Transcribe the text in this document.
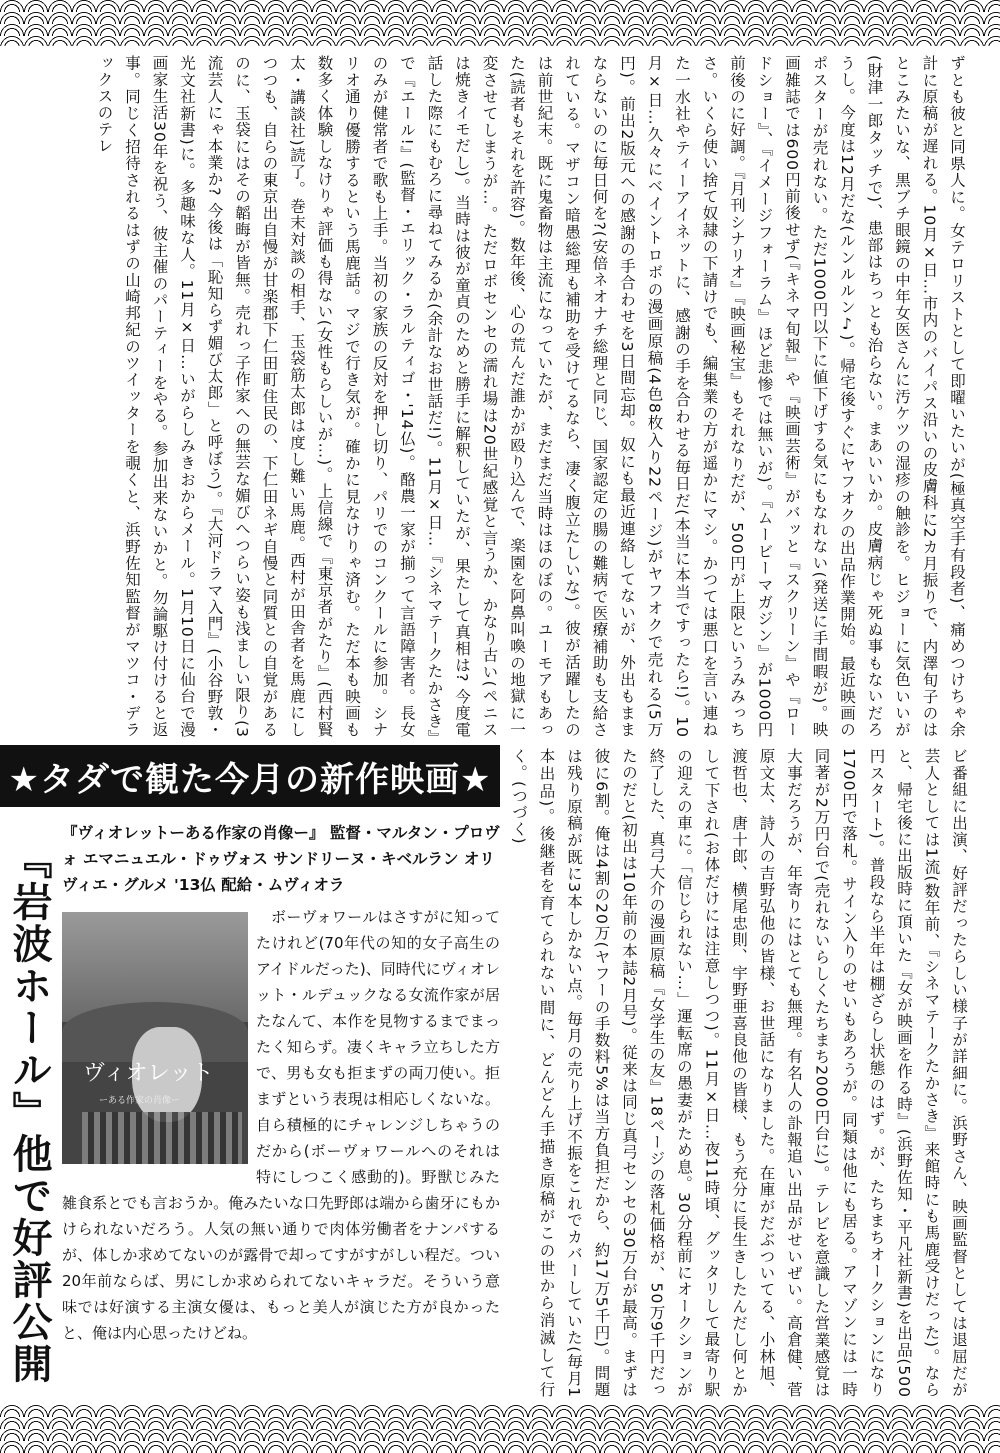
ずとも彼と同県人に。女テロリストとして即曜いたいが(極真空手有段者)、痛めつけちゃ余計に原稿が遅れる。10月×日…市内のバイパス沿いの皮膚科に2カ月振りで、内澤旬子のはとこみたいな、黒ブチ眼鏡の中年女医さんに汚ケツの湿疹の触診を。ヒジョーに気色いいが(財津一郎タッチで)、患部はちっとも治らない。まあいいか。皮膚病じゃ死ぬ事もないだろうし。今度は12月だな(ルンルルン♪)。帰宅後すぐにヤフオクの出品作業開始。最近映画のポスターが売れない。ただ1000円以下に値下げする気にもなれない(発送に手間暇が)。映画雑誌では600円前後せず(『キネマ旬報』や『映画芸術』がバッと『スクリーン』や『ロードショー』、『イメージフォーラム』ほど悲惨では無いが)。『ムービーマガジン』が1000円前後のに好調。『月刊シナリオ』『映画秘宝』もそれなりだが、500円が上限というみみっちさ。いくら使い捨て奴隷の下請けでも、編集業の方が遥かにマシ。かつては悪口を言い連ねた一水社やティーアイネットに、感謝の手を合わせる毎日だ(本当に本当ですったら!)。10月×日…久々にベイントロボの漫画原稿(4色8枚入り22ページ)がヤフオクで売れる(5万円)。前出2版元への感謝の手合わせを3日間忘却。奴にも最近連絡してないが、外出もままならないのに毎日何を?(安倍ネオナチ総理と同じ、国家認定の腸の難病で医療補助も支給されている。マザコン暗愚総理も補助を受けてるなら、凄く腹立たしいな)。彼が活躍したのは前世紀末。既に鬼畜物は主流になっていたが、まだまだ当時はほのぼの。ユーモアもあった(読者もそれを許容)。数年後、心の荒んだ誰かが殴り込んで、楽園を阿鼻叫喚の地獄に一変させてしまうが…。ただロボセンセの濡れ場は20世紀感覚と言うか、かなり古い(ペニスは焼きイモだし)。当時は彼が童貞のためと勝手に解釈していたが、果たして真相は? 今度電話した際にもむろに尋ねてみるか(余計なお世話だ!)。11月×日…『シネマテークたかさき』で『エール!』(監督・エリック・ラルティゴ・'14仏)。酪農一家が揃って言語障害者。長女のみが健常者で歌も上手。当初の家族の反対を押し切り、パリでのコンクールに参加。シナリオ通り優勝するという馬鹿話。マジで行き気が。確かに見なけりゃ済む。ただ本も映画も数多く体験しなけりゃ評価も得ない(女性もらしいが…)。上信線で『東京者がたり』(西村賢太・講談社)読了。巻末対談の相手、玉袋筋太郎は度し難い馬鹿。西村が田舎者を馬鹿にしつつも、自らの東京出自慢が甘楽郡下仁田町住民の、下仁田ネギ自慢と同質との自覚があるのに、玉袋にはその韜晦が皆無。売れっ子作家への無芸な媚びへつらい姿も浅ましい限り(3流芸人にゃ本業か? 今後は「恥知らず媚び太郎」と呼ぼう)。『大河ドラマ入門』(小谷野敦・光文社新書)に。多趣味な人。11月×日…いがらしみきおからメール。1月10日に仙台で漫画家生活30年を祝う、彼主催のパーティーをやる。参加出来ないかと。勿論駆け付けると返事。同じく招待されるはずの山崎邦紀のツイッターを覗くと、浜野佐知監督がマツコ・デラックスのテレ
★タダで観た今月の新作映画★
『岩波ホール』他で好評公開
『ヴィオレットーある作家の肖像ー』 監督・マルタン・プロヴォ エマニュエル・ドゥヴォス サンドリーヌ・キベルラン オリヴィエ・グルメ '13仏 配給・ムヴィオラ
ヴィオレット
ーある作家の肖像ー
ボーヴォワールはさすがに知ってたけれど(70年代の知的女子高生のアイドルだった)、同時代にヴィオレット・ルデュックなる女流作家が居たなんて、本作を見物するまでまったく知らず。凄くキャラ立ちした方で、男も女も拒まずの両刀使い。拒まずという表現は相応しくないな。自ら積極的にチャレンジしちゃうのだから(ボーヴォワールへのそれは特にしつこく感動的)。野獣じみた雑食系とでも言おうか。俺みたいな口先野郎は端から歯牙にもかけられないだろう。人気の無い通りで肉体労働者をナンパするが、体しか求めてないのが露骨で却ってすがすがしい程だ。つい20年前ならば、男にしか求められてないキャラだ。そういう意味では好演する主演女優は、もっと美人が演じた方が良かったと、俺は内心思ったけどね。	ビ番組に出演、好評だったらしい様子が詳細に。浜野さん、映画監督としては退屈だが芸人としては1流(数年前、『シネマテークたかさき』来館時にも馬鹿受けだった)。ならと、帰宅後に出版時に頂いた『女が映画を作る時』(浜野佐知・平凡社新書)を出品(500円スタート)。普段なら半年は棚ざらし状態のはず。が、たちまちオークションになり1700円で落札。サイン入りのせいもあろうが。同類は他にも居る。アマゾンには一時同著が2万円台で(売れないらしくたちまち2000円台に)。テレビを意識した営業感覚は大事だろうが、年寄りにはとても無理。有名人の訃報追い出品がせいぜい。高倉健、菅原文太、詩人の吉野弘他の皆様、お世話になりました。在庫がだぶついてる、小林旭、渡哲也、唐十郎、横尾忠則、宇野亜喜良他の皆様、もう充分に長生きしたんだし何とかして下され(お体だけには注意しつつ)。11月×日…夜11時頃、グッタリして最寄り駅の迎えの車に。「信じられない…」運転席の愚妻がため息。30分程前にオークションが終了した、真弓大介の漫画原稿『女学生の友』18ページの落札価格が、50万9千円だったのだと(初出は10年前の本誌2月号)。従来は同じ真弓センセの30万台が最高。まずは彼に6割。俺は4割の20万(ヤフーの手数料5%は当方負担だから、約17万5千円)。問題は残り原稿が既に3本しかない点。毎月の売り上げ不振をこれでカバーしていた(毎月1本出品)。後継者を育てられない間に、どんどん手描き原稿がこの世から消滅して行く。(つづく)
